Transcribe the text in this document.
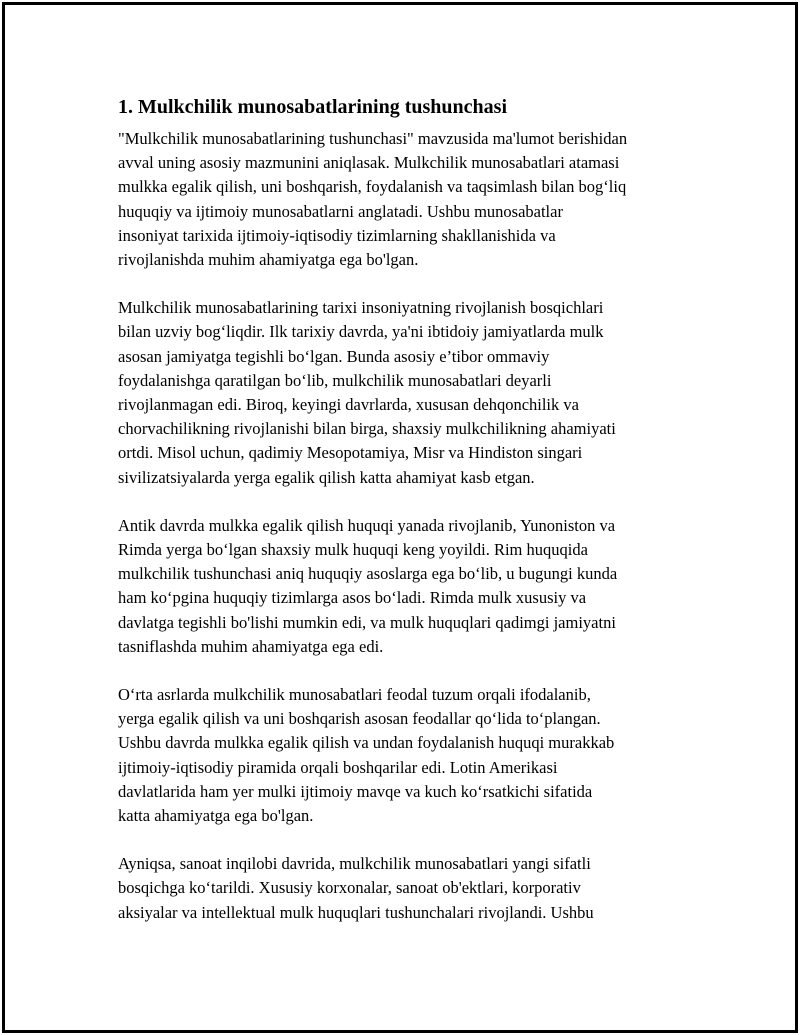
1. Mulkchilik munosabatlarining tushunchasi
"Mulkchilik munosabatlarining tushunchasi" mavzusida ma'lumot berishidan
avval uning asosiy mazmunini aniqlasak. Mulkchilik munosabatlari atamasi
mulkka egalik qilish, uni boshqarish, foydalanish va taqsimlash bilan bog‘liq
huquqiy va ijtimoiy munosabatlarni anglatadi. Ushbu munosabatlar
insoniyat tarixida ijtimoiy-iqtisodiy tizimlarning shakllanishida va
rivojlanishda muhim ahamiyatga ega bo'lgan.
Mulkchilik munosabatlarining tarixi insoniyatning rivojlanish bosqichlari
bilan uzviy bog‘liqdir. Ilk tarixiy davrda, ya'ni ibtidoiy jamiyatlarda mulk
asosan jamiyatga tegishli bo‘lgan. Bunda asosiy e’tibor ommaviy
foydalanishga qaratilgan bo‘lib, mulkchilik munosabatlari deyarli
rivojlanmagan edi. Biroq, keyingi davrlarda, xususan dehqonchilik va
chorvachilikning rivojlanishi bilan birga, shaxsiy mulkchilikning ahamiyati
ortdi. Misol uchun, qadimiy Mesopotamiya, Misr va Hindiston singari
sivilizatsiyalarda yerga egalik qilish katta ahamiyat kasb etgan.
Antik davrda mulkka egalik qilish huquqi yanada rivojlanib, Yunoniston va
Rimda yerga bo‘lgan shaxsiy mulk huquqi keng yoyildi. Rim huquqida
mulkchilik tushunchasi aniq huquqiy asoslarga ega bo‘lib, u bugungi kunda
ham ko‘pgina huquqiy tizimlarga asos bo‘ladi. Rimda mulk xususiy va
davlatga tegishli bo'lishi mumkin edi, va mulk huquqlari qadimgi jamiyatni
tasniflashda muhim ahamiyatga ega edi.
O‘rta asrlarda mulkchilik munosabatlari feodal tuzum orqali ifodalanib,
yerga egalik qilish va uni boshqarish asosan feodallar qo‘lida to‘plangan.
Ushbu davrda mulkka egalik qilish va undan foydalanish huquqi murakkab
ijtimoiy-iqtisodiy piramida orqali boshqarilar edi. Lotin Amerikasi
davlatlarida ham yer mulki ijtimoiy mavqe va kuch ko‘rsatkichi sifatida
katta ahamiyatga ega bo'lgan.
Ayniqsa, sanoat inqilobi davrida, mulkchilik munosabatlari yangi sifatli
bosqichga ko‘tarildi. Xususiy korxonalar, sanoat ob'ektlari, korporativ
aksiyalar va intellektual mulk huquqlari tushunchalari rivojlandi. Ushbu
